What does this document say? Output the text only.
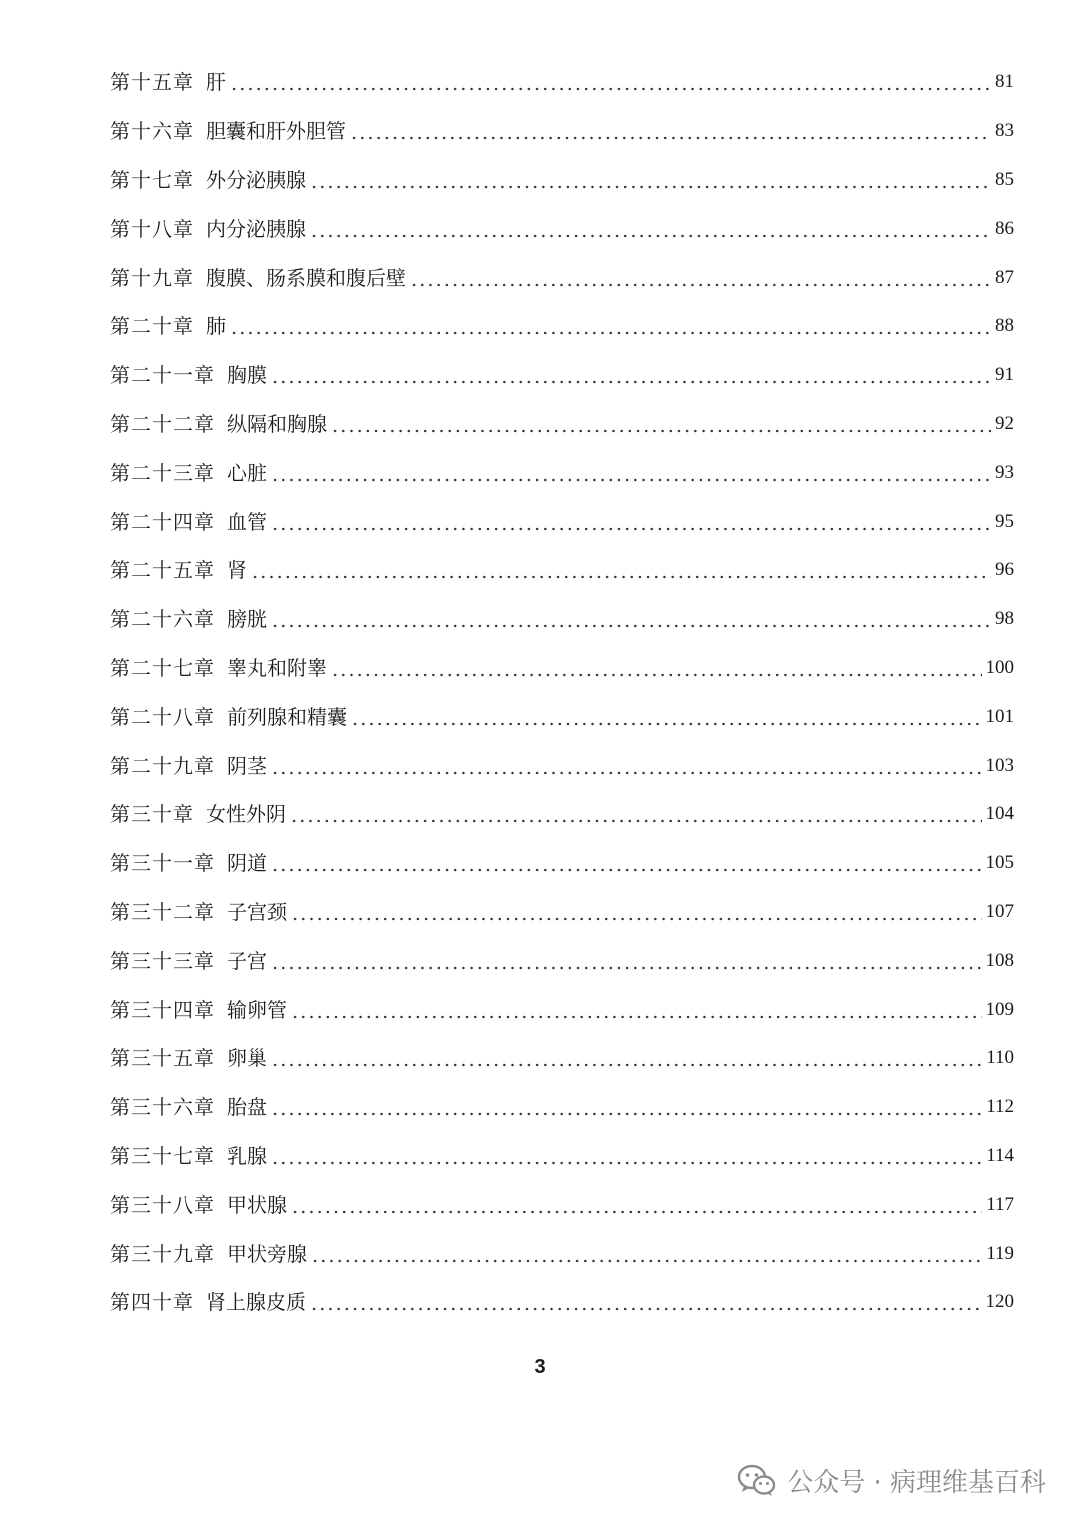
第十五章 肝	81
第十六章 胆囊和肝外胆管	83
第十七章 外分泌胰腺	85
第十八章 内分泌胰腺	86
第十九章 腹膜、肠系膜和腹后壁	87
第二十章 肺	88
第二十一章 胸膜	91
第二十二章 纵隔和胸腺	92
第二十三章 心脏	93
第二十四章 血管	95
第二十五章 肾	96
第二十六章 膀胱	98
第二十七章 睾丸和附睾	100
第二十八章 前列腺和精囊	101
第二十九章 阴茎	103
第三十章 女性外阴	104
第三十一章 阴道	105
第三十二章 子宫颈	107
第三十三章 子宫	108
第三十四章 输卵管	109
第三十五章 卵巢	110
第三十六章 胎盘	112
第三十七章 乳腺	114
第三十八章 甲状腺	117
第三十九章 甲状旁腺	119
第四十章 肾上腺皮质	120
3
公众号 · 病理维基百科
